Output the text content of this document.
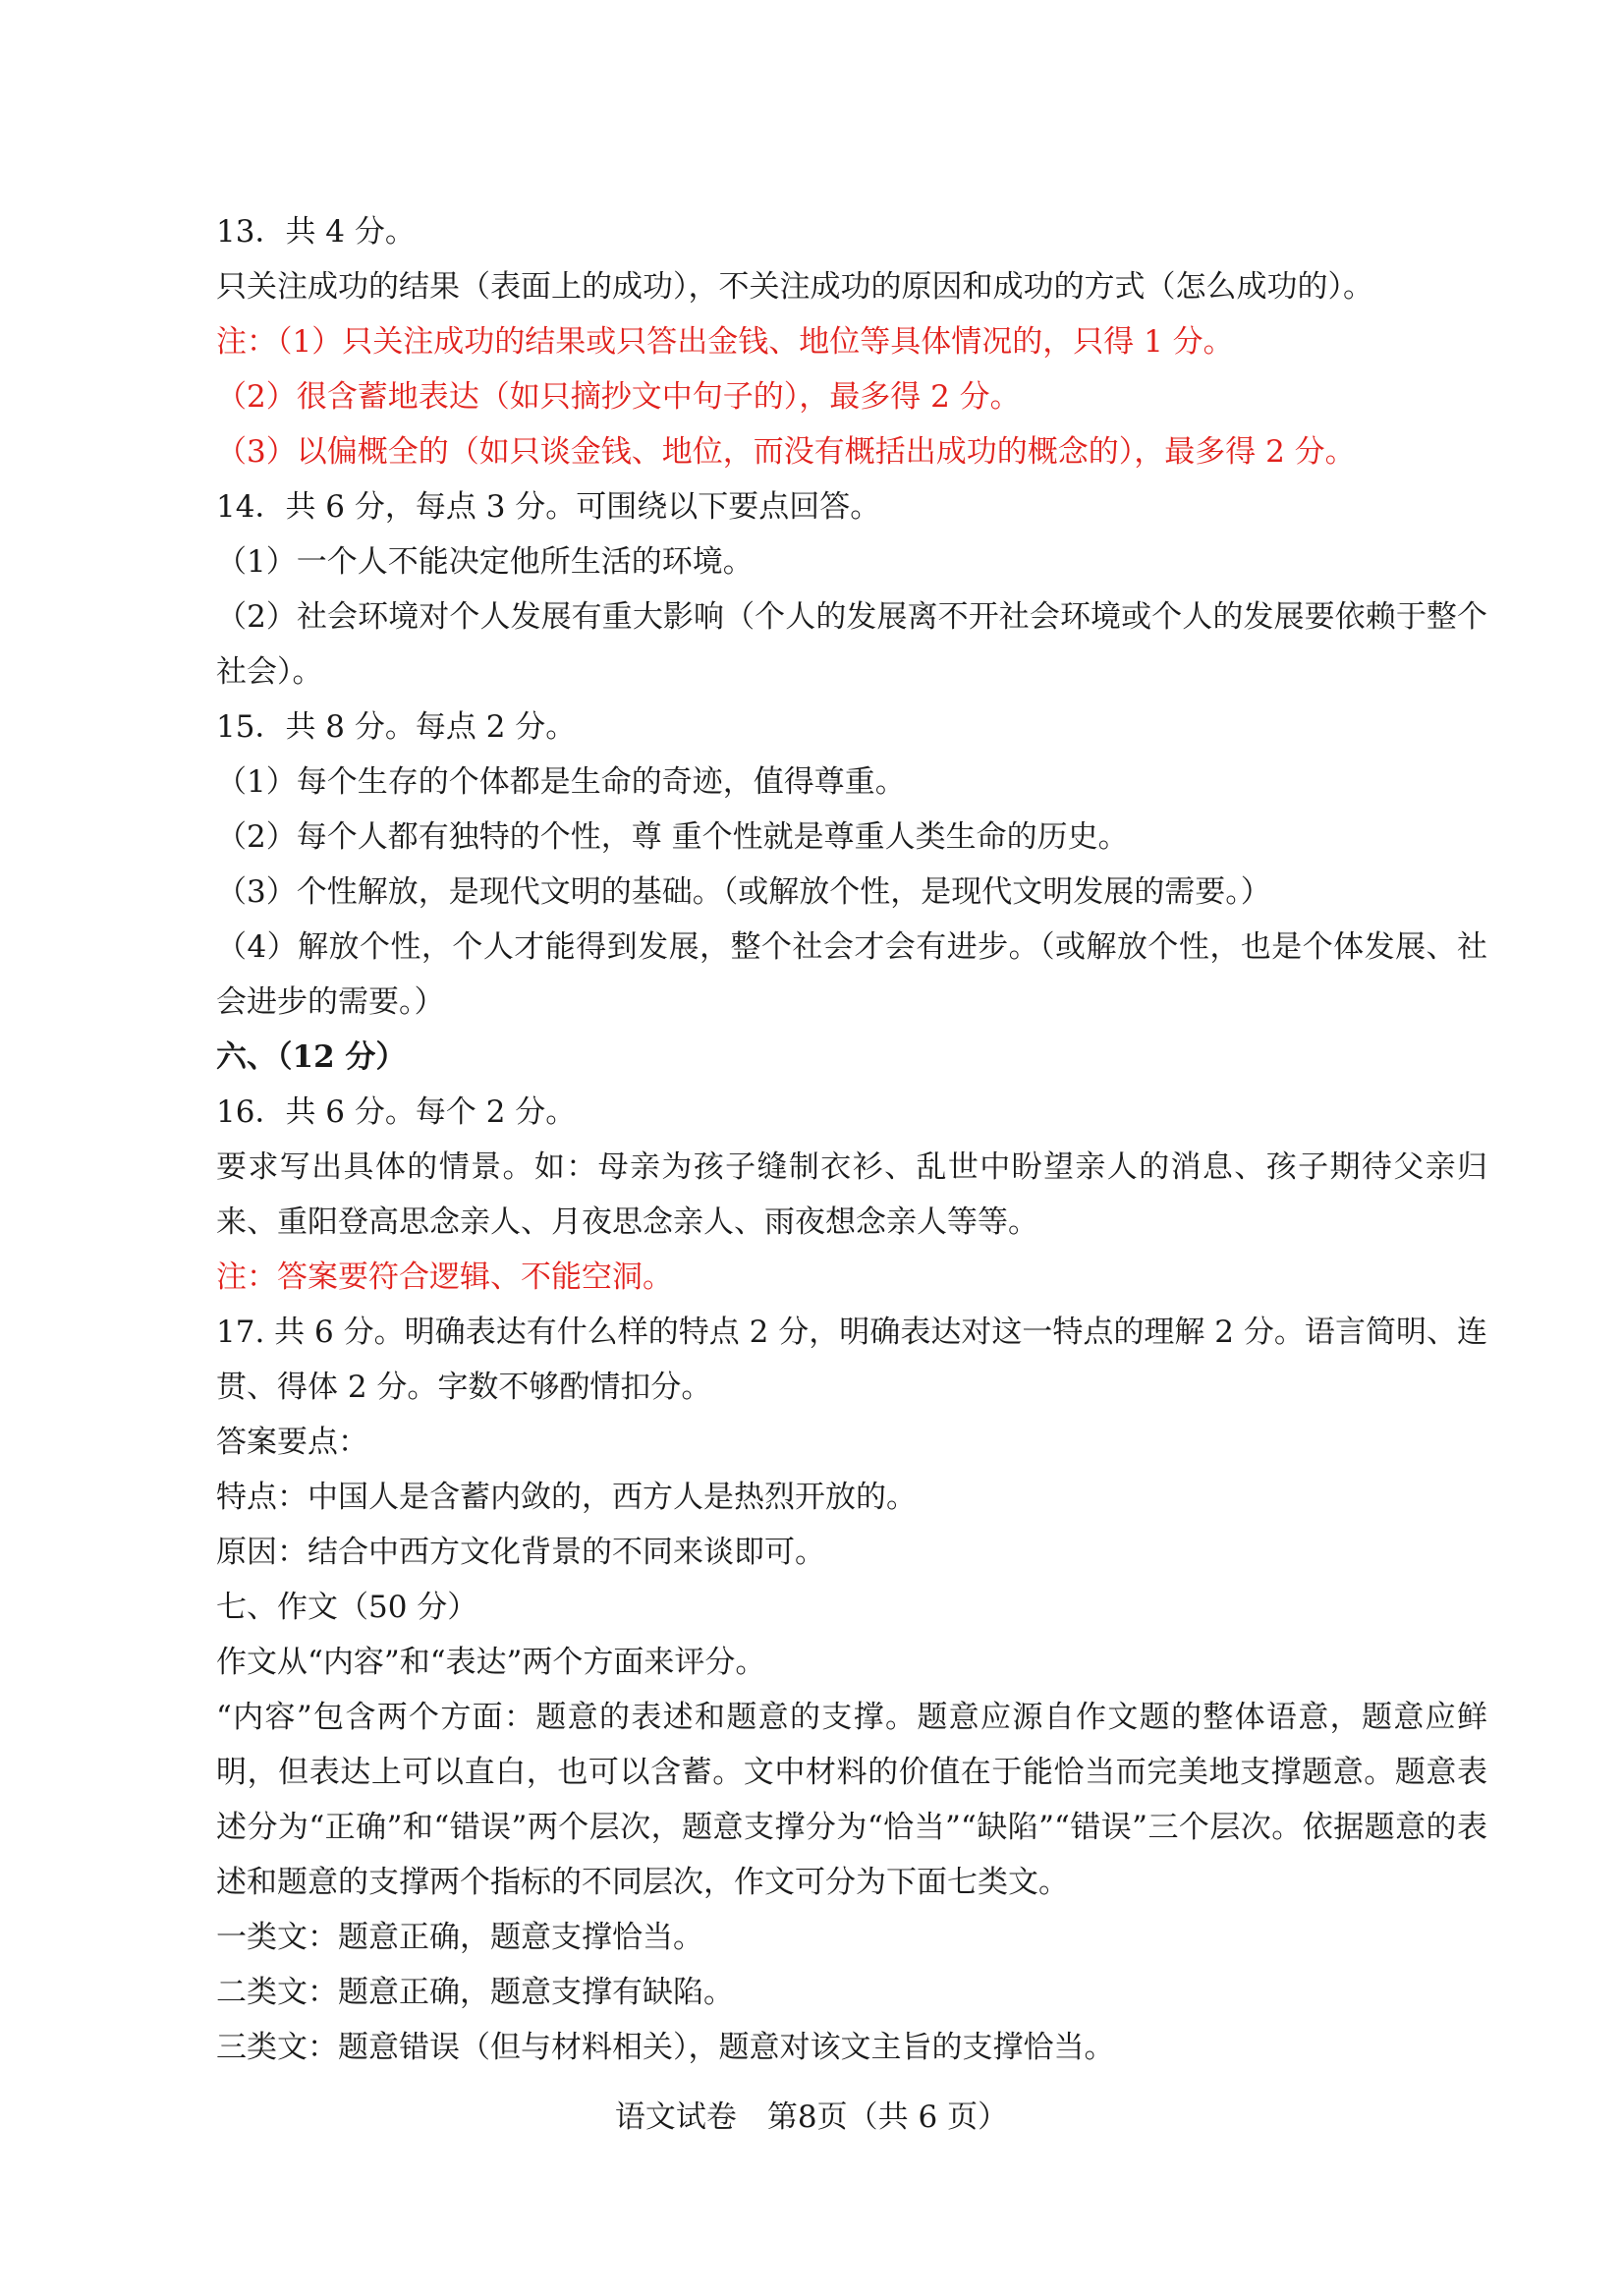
13．共 4 分。

只关注成功的结果（表面上的成功），不关注成功的原因和成功的方式（怎么成功的）。

注：（1）只关注成功的结果或只答出金钱、地位等具体情况的，只得 1 分。

（2）很含蓄地表达（如只摘抄文中句子的），最多得 2 分。

（3）以偏概全的（如只谈金钱、地位，而没有概括出成功的概念的），最多得 2 分。

14．共 6 分，每点 3 分。可围绕以下要点回答。

（1）一个人不能决定他所生活的环境。

（2）社会环境对个人发展有重大影响（个人的发展离不开社会环境或个人的发展要依赖于整个社会）。

15．共 8 分。每点 2 分。

（1）每个生存的个体都是生命的奇迹，值得尊重。

（2）每个人都有独特的个性，尊 重个性就是尊重人类生命的历史。

（3）个性解放，是现代文明的基础。（或解放个性，是现代文明发展的需要。）

（4）解放个性，个人才能得到发展，整个社会才会有进步。（或解放个性，也是个体发展、社会进步的需要。）

六、（12 分）

16．共 6 分。每个 2 分。

要求写出具体的情景。如：母亲为孩子缝制衣衫、乱世中盼望亲人的消息、孩子期待父亲归来、重阳登高思念亲人、月夜思念亲人、雨夜想念亲人等等。

注：答案要符合逻辑、不能空洞。

17. 共 6 分。明确表达有什么样的特点 2 分，明确表达对这一特点的理解 2 分。语言简明、连贯、得体 2 分。字数不够酌情扣分。

答案要点：

特点：中国人是含蓄内敛的，西方人是热烈开放的。

原因：结合中西方文化背景的不同来谈即可。

七、作文（50 分）

作文从“内容”和“表达”两个方面来评分。

“内容”包含两个方面：题意的表述和题意的支撑。题意应源自作文题的整体语意，题意应鲜明，但表达上可以直白，也可以含蓄。文中材料的价值在于能恰当而完美地支撑题意。题意表述分为“正确”和“错误”两个层次，题意支撑分为“恰当”“缺陷”“错误”三个层次。依据题意的表述和题意的支撑两个指标的不同层次，作文可分为下面七类文。

一类文：题意正确，题意支撑恰当。

二类文：题意正确，题意支撑有缺陷。

三类文：题意错误（但与材料相关），题意对该文主旨的支撑恰当。

语文试卷　第8页（共 6 页）
